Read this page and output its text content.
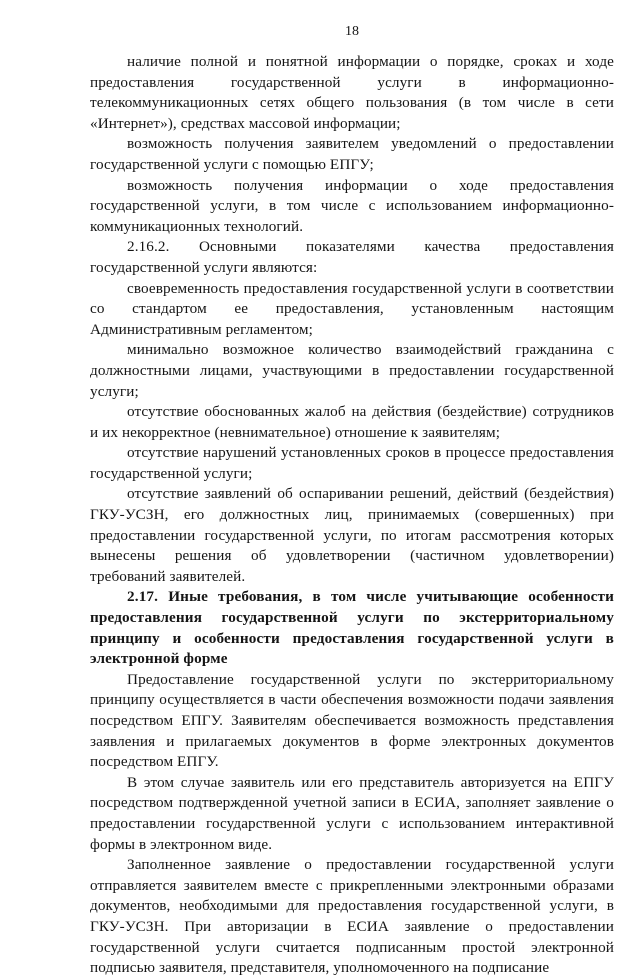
18

наличие полной и понятной информации о порядке, сроках и ходе предоставления государственной услуги в информационно-телекоммуникационных сетях общего пользования (в том числе в сети «Интернет»), средствах массовой информации;

возможность получения заявителем уведомлений о предоставлении государственной услуги с помощью ЕПГУ;

возможность получения информации о ходе предоставления государственной услуги, в том числе с использованием информационно-коммуникационных технологий.

2.16.2. Основными показателями качества предоставления государственной услуги являются:

своевременность предоставления государственной услуги в соответствии со стандартом ее предоставления, установленным настоящим Административным регламентом;

минимально возможное количество взаимодействий гражданина с должностными лицами, участвующими в предоставлении государственной услуги;

отсутствие обоснованных жалоб на действия (бездействие) сотрудников и их некорректное (невнимательное) отношение к заявителям;

отсутствие нарушений установленных сроков в процессе предоставления государственной услуги;

отсутствие заявлений об оспаривании решений, действий (бездействия) ГКУ-УСЗН, его должностных лиц, принимаемых (совершенных) при предоставлении государственной услуги, по итогам рассмотрения которых вынесены решения об удовлетворении (частичном удовлетворении) требований заявителей.

2.17. Иные требования, в том числе учитывающие особенности предоставления государственной услуги по экстерриториальному принципу и особенности предоставления государственной услуги в электронной форме

Предоставление государственной услуги по экстерриториальному принципу осуществляется в части обеспечения возможности подачи заявления посредством ЕПГУ. Заявителям обеспечивается возможность представления заявления и прилагаемых документов в форме электронных документов посредством ЕПГУ.

В этом случае заявитель или его представитель авторизуется на ЕПГУ посредством подтвержденной учетной записи в ЕСИА, заполняет заявление о предоставлении государственной услуги с использованием интерактивной формы в электронном виде.

Заполненное заявление о предоставлении государственной услуги отправляется заявителем вместе с прикрепленными электронными образами документов, необходимыми для предоставления государственной услуги, в ГКУ-УСЗН. При авторизации в ЕСИА заявление о предоставлении государственной услуги считается подписанным простой электронной подписью заявителя, представителя, уполномоченного на подписание
